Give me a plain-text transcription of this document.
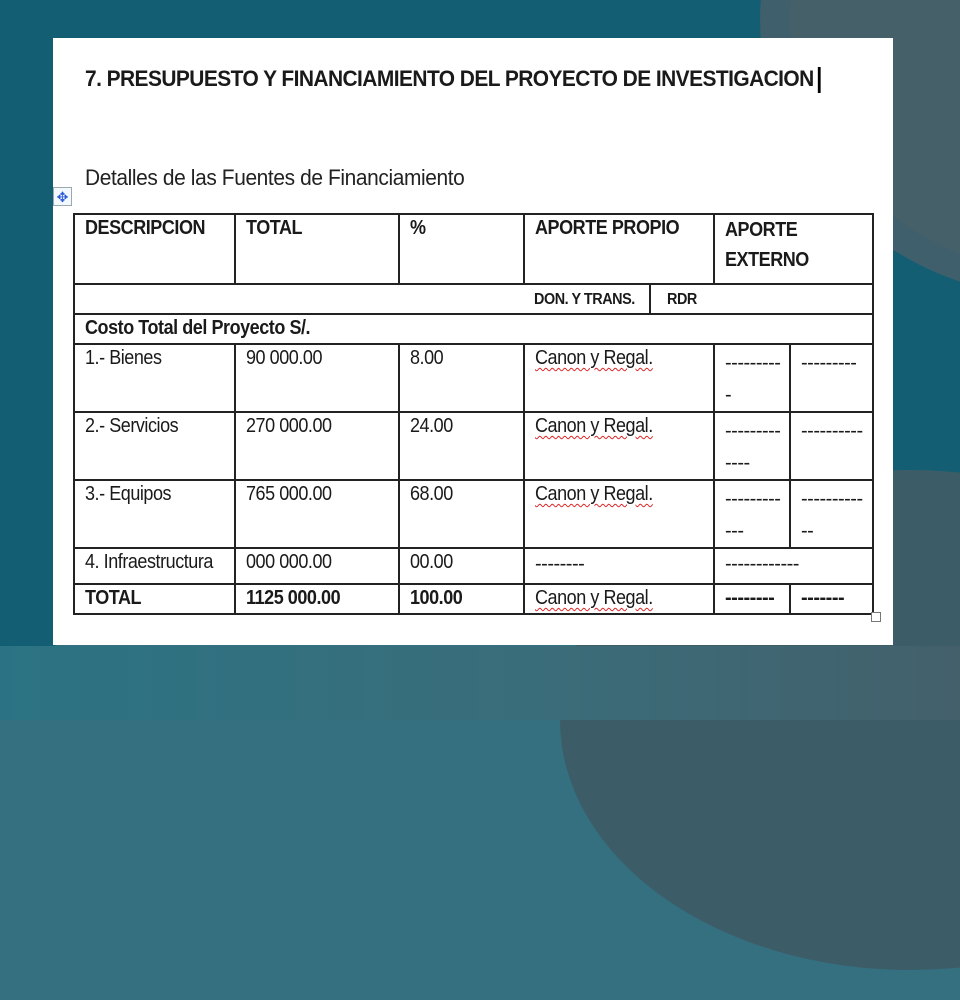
7. PRESUPUESTO Y FINANCIAMIENTO DEL PROYECTO DE INVESTIGACION
Detalles de las Fuentes de Financiamiento
✥
DESCRIPCION	TOTAL	%	APORTE PROPIO		APORTE EXTERNO	
			DON. Y TRANS.	RDR		
Costo Total del Proyecto S/.						
1.- Bienes	90 000.00	8.00	Canon y Regal.		----------	---------
2.- Servicios	270 000.00	24.00	Canon y Regal.		-------------	----------
3.- Equipos	765 000.00	68.00	Canon y Regal.		------------	------------
4. Infraestructura	000 000.00	00.00	--------		------------	
TOTAL	1125 000.00	100.00	Canon y Regal.		--------	-------
